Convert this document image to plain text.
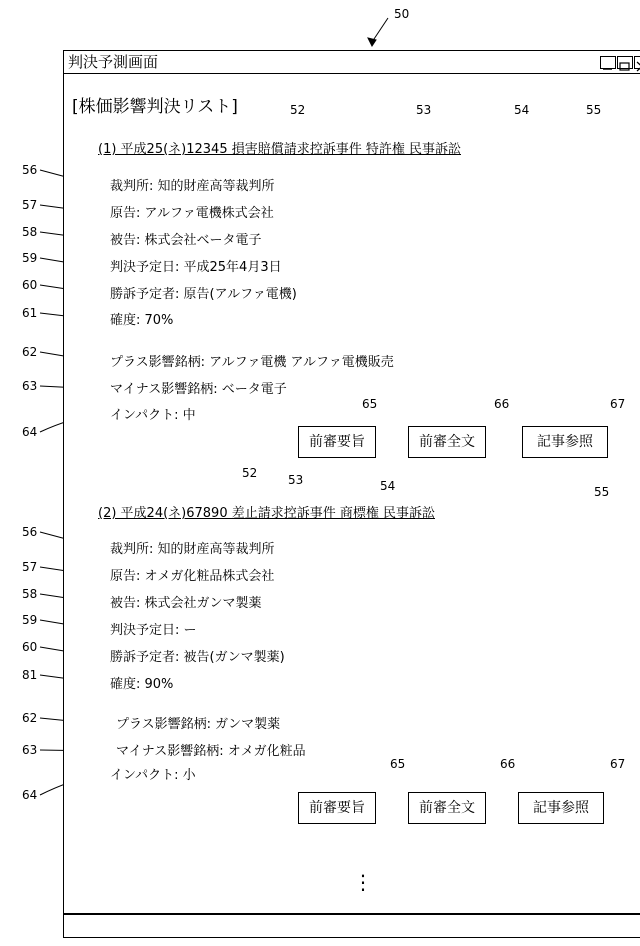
50
判決予測画面
[株価影響判決リスト]	52	53	54	55
(1) 平成25(ネ)12345 損害賠償請求控訴事件 特許権 民事訴訟
56
裁判所: 知的財産高等裁判所
57
原告: アルファ電機株式会社
58
被告: 株式会社ベータ電子
59
判決予定日: 平成25年4月3日
60
勝訴予定者: 原告(アルファ電機)
61	確度: 70%
62
プラス影響銘柄: アルファ電機 アルファ電機販売
63	マイナス影響銘柄: ベータ電子
64
インパクト: 中
65	66	67
前審要旨	前審全文	記事参照
52	53	54	55
(2) 平成24(ネ)67890 差止請求控訴事件 商標権 民事訴訟
56
裁判所: 知的財産高等裁判所
57
原告: オメガ化粧品株式会社
58
被告: 株式会社ガンマ製薬
59
判決予定日: ー
60
勝訴予定者: 被告(ガンマ製薬)
81
確度: 90%
62	プラス影響銘柄: ガンマ製薬
63	マイナス影響銘柄: オメガ化粧品
64
インパクト: 小
65	66	67
前審要旨	前審全文	記事参照
⋮
